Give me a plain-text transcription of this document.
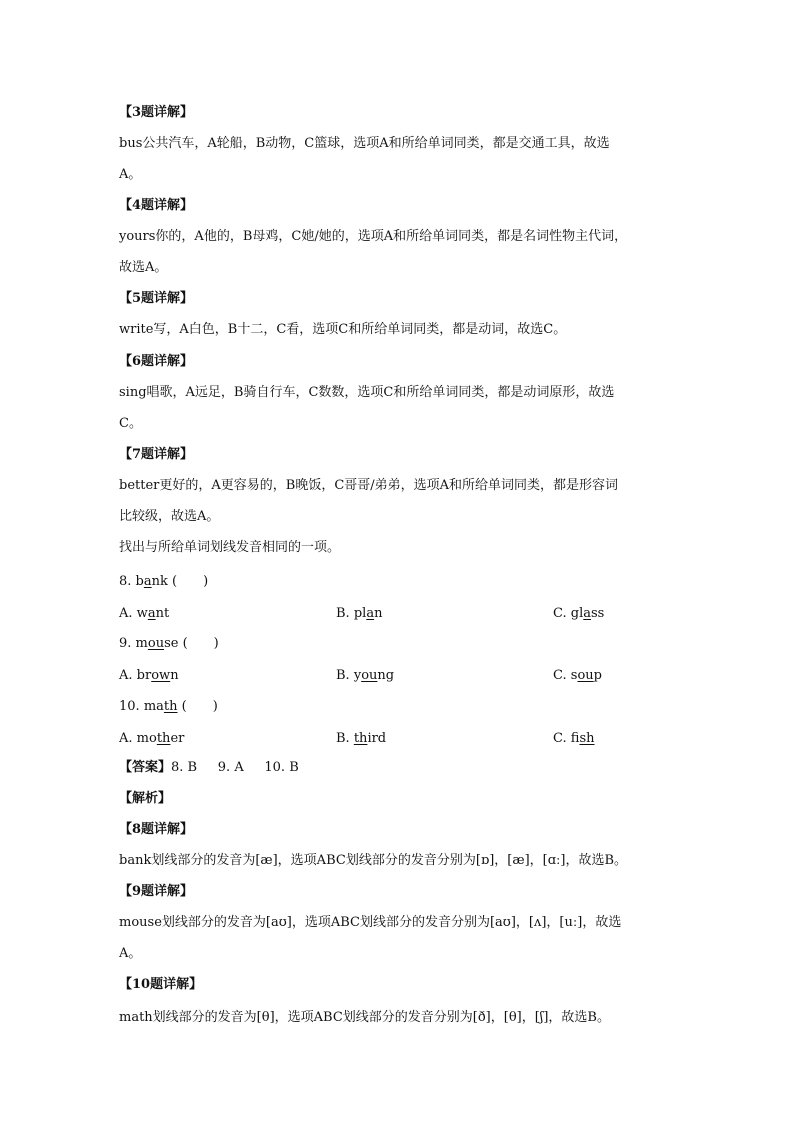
【3题详解】
bus公共汽车，A轮船，B动物，C篮球，选项A和所给单词同类，都是交通工具，故选
A。
【4题详解】
yours你的，A他的，B母鸡，C她/她的，选项A和所给单词同类，都是名词性物主代词，
故选A。
【5题详解】
write写，A白色，B十二，C看，选项C和所给单词同类，都是动词，故选C。
【6题详解】
sing唱歌，A远足，B骑自行车，C数数，选项C和所给单词同类，都是动词原形，故选
C。
【7题详解】
better更好的，A更容易的，B晚饭，C哥哥/弟弟，选项A和所给单词同类，都是形容词
比较级，故选A。
找出与所给单词划线发音相同的一项。
8. bank ( )
A. want	B. plan	C. glass
9. mouse ( )
A. brown	B. young	C. soup
10. math ( )
A. mother	B. third	C. fish
【答案】8. B 9. A 10. B
【解析】
【8题详解】
bank划线部分的发音为[æ]，选项ABC划线部分的发音分别为[ɒ]，[æ]，[ɑː]，故选B。
【9题详解】
mouse划线部分的发音为[aʊ]，选项ABC划线部分的发音分别为[aʊ]，[ʌ]，[uː]，故选
A。
【10题详解】
math划线部分的发音为[θ]，选项ABC划线部分的发音分别为[ð]，[θ]，[ʃ]，故选B。
